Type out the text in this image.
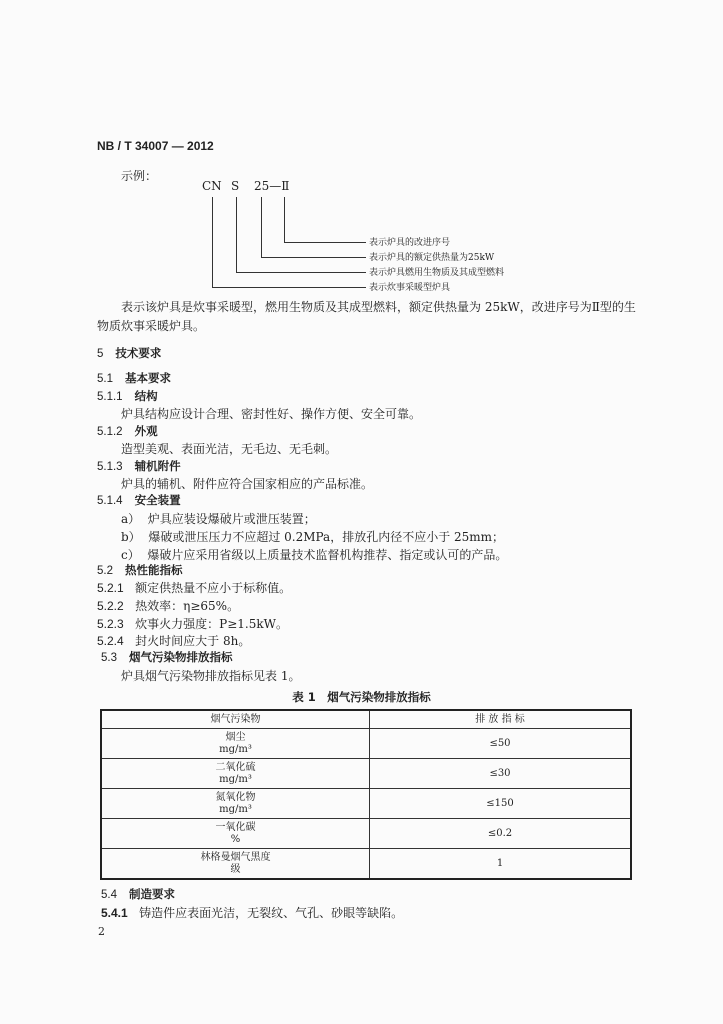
NB / T 34007 — 2012
示例：
CN S 25—Ⅱ
表示炉具的改进序号
表示炉具的额定供热量为25kW
表示炉具燃用生物质及其成型燃料
表示炊事采暖型炉具
表示该炉具是炊事采暖型，燃用生物质及其成型燃料，额定供热量为 25kW，改进序号为Ⅱ型的生
物质炊事采暖炉具。
5 技术要求
5.1 基本要求
5.1.1 结构
炉具结构应设计合理、密封性好、操作方便、安全可靠。
5.1.2 外观
造型美观、表面光洁，无毛边、无毛刺。
5.1.3 辅机附件
炉具的辅机、附件应符合国家相应的产品标准。
5.1.4 安全装置
a） 炉具应装设爆破片或泄压装置；
b） 爆破或泄压压力不应超过 0.2MPa，排放孔内径不应小于 25mm；
c） 爆破片应采用省级以上质量技术监督机构推荐、指定或认可的产品。
5.2 热性能指标
5.2.1 额定供热量不应小于标称值。
5.2.2 热效率：η≥65%。
5.2.3 炊事火力强度：P≥1.5kW。
5.2.4 封火时间应大于 8h。
5.3 烟气污染物排放指标
炉具烟气污染物排放指标见表 1。
表 1　烟气污染物排放指标
烟气污染物	排 放 指 标

烟尘
mg/m³	≤50

二氧化硫
mg/m³	≤30

氮氧化物
mg/m³	≤150

一氧化碳
%	≤0.2

林格曼烟气黑度
级	1
5.4 制造要求
5.4.1 铸造件应表面光洁，无裂纹、气孔、砂眼等缺陷。
2
